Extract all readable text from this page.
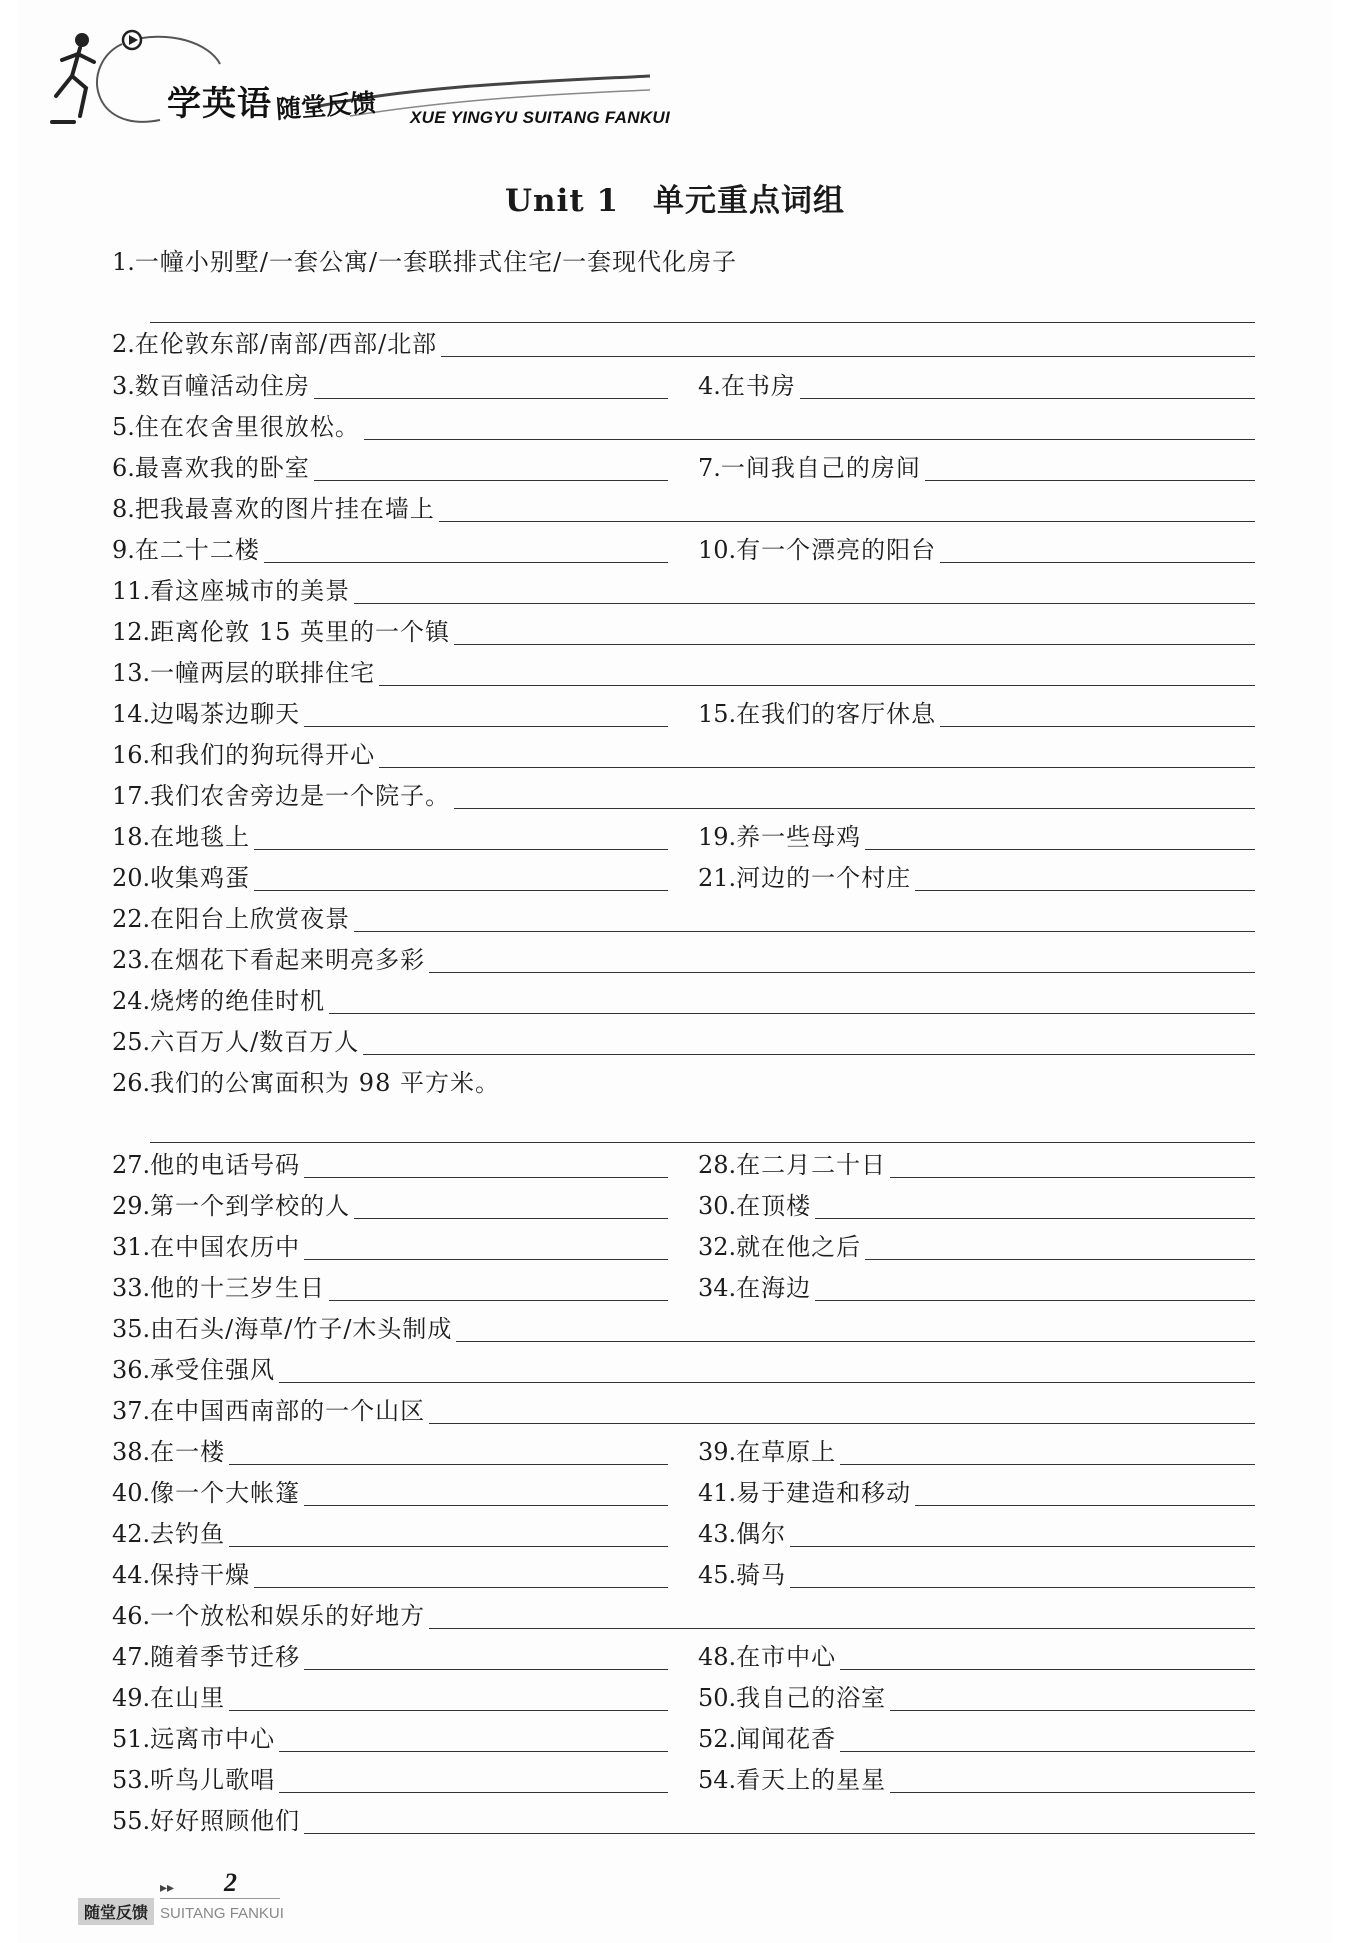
学英语 随堂反馈 XUE YINGYU SUITANG FANKUI
Unit 1 单元重点词组
1. 一幢小别墅/一套公寓/一套联排式住宅/一套现代化房子
2. 在伦敦东部/南部/西部/北部
3. 数百幢活动住房	4. 在书房
5. 住在农舍里很放松。
6. 最喜欢我的卧室	7. 一间我自己的房间
8. 把我最喜欢的图片挂在墙上
9. 在二十二楼	10. 有一个漂亮的阳台
11. 看这座城市的美景
12. 距离伦敦 15 英里的一个镇
13. 一幢两层的联排住宅
14. 边喝茶边聊天	15. 在我们的客厅休息
16. 和我们的狗玩得开心
17. 我们农舍旁边是一个院子。
18. 在地毯上	19. 养一些母鸡
20. 收集鸡蛋	21. 河边的一个村庄
22. 在阳台上欣赏夜景
23. 在烟花下看起来明亮多彩
24. 烧烤的绝佳时机
25. 六百万人/数百万人
26. 我们的公寓面积为 98 平方米。
27. 他的电话号码	28. 在二月二十日
29. 第一个到学校的人	30. 在顶楼
31. 在中国农历中	32. 就在他之后
33. 他的十三岁生日	34. 在海边
35. 由石头/海草/竹子/木头制成
36. 承受住强风
37. 在中国西南部的一个山区
38. 在一楼	39. 在草原上
40. 像一个大帐篷	41. 易于建造和移动
42. 去钓鱼	43. 偶尔
44. 保持干燥	45. 骑马
46. 一个放松和娱乐的好地方
47. 随着季节迁移	48. 在市中心
49. 在山里	50. 我自己的浴室
51. 远离市中心	52. 闻闻花香
53. 听鸟儿歌唱	54. 看天上的星星
55. 好好照顾他们
▸▸ 2
随堂反馈 SUITANG FANKUI
